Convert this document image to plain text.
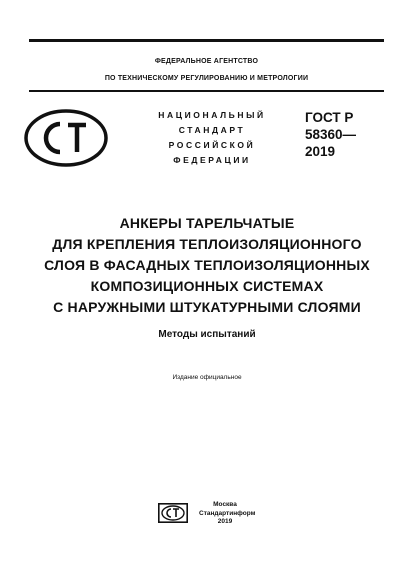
ФЕДЕРАЛЬНОЕ АГЕНТСТВО
ПО ТЕХНИЧЕСКОМУ РЕГУЛИРОВАНИЮ И МЕТРОЛОГИИ
НАЦИОНАЛЬНЫЙ
СТАНДАРТ
РОССИЙСКОЙ
ФЕДЕРАЦИИ
ГОСТ Р
58360—
2019
АНКЕРЫ ТАРЕЛЬЧАТЫЕ
ДЛЯ КРЕПЛЕНИЯ ТЕПЛОИЗОЛЯЦИОННОГО
СЛОЯ В ФАСАДНЫХ ТЕПЛОИЗОЛЯЦИОННЫХ
КОМПОЗИЦИОННЫХ СИСТЕМАХ
С НАРУЖНЫМИ ШТУКАТУРНЫМИ СЛОЯМИ
Методы испытаний
Издание официальное
Москва
Стандартинформ
2019
